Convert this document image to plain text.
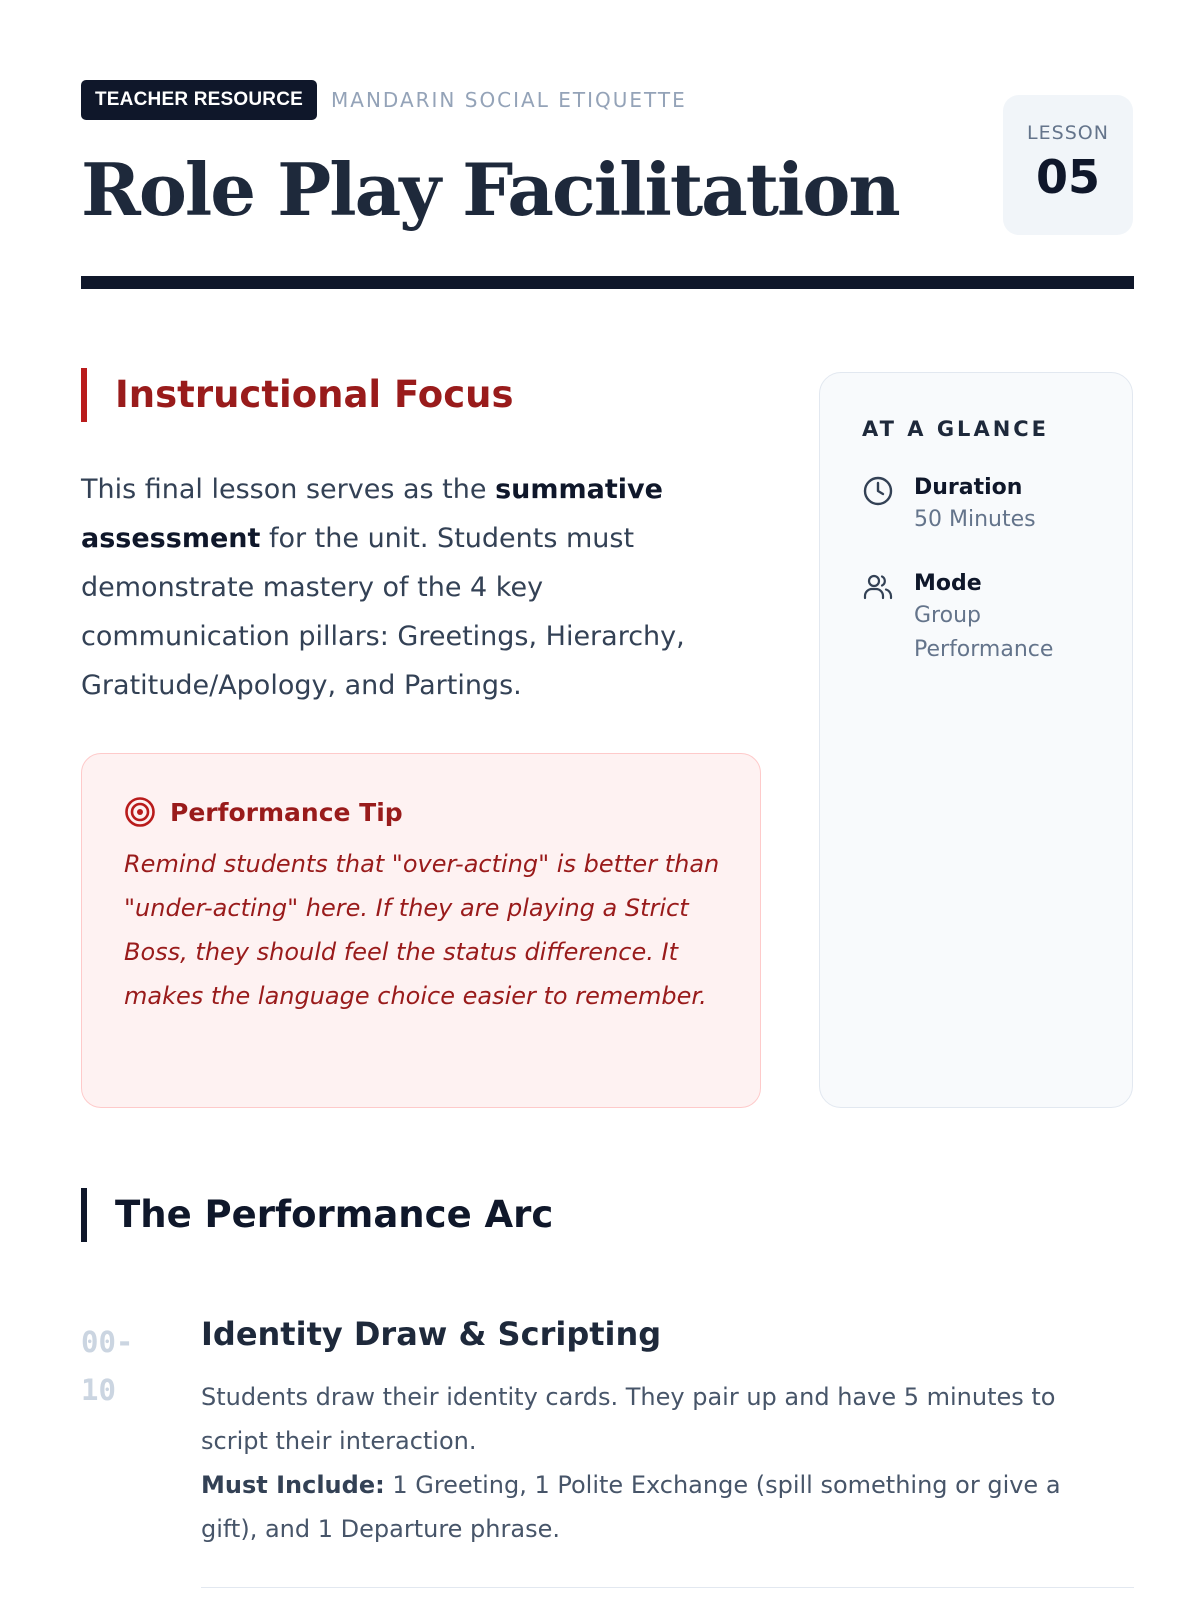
TEACHER RESOURCE	MANDARIN SOCIAL ETIQUETTE
Role Play Facilitation
LESSON
05
Instructional Focus

This final lesson serves as the summative assessment for the unit. Students must demonstrate mastery of the 4 key communication pillars: Greetings, Hierarchy, Gratitude/Apology, and Partings.

Performance Tip
Remind students that "over-acting" is better than "under-acting" here. If they are playing a Strict Boss, they should feel the status difference. It makes the language choice easier to remember.
AT A GLANCE
Duration
50 Minutes
Mode
Group Performance
The Performance Arc
00-
10
Identity Draw & Scripting
Students draw their identity cards. They pair up and have 5 minutes to script their interaction.
Must Include: 1 Greeting, 1 Polite Exchange (spill something or give a gift), and 1 Departure phrase.
